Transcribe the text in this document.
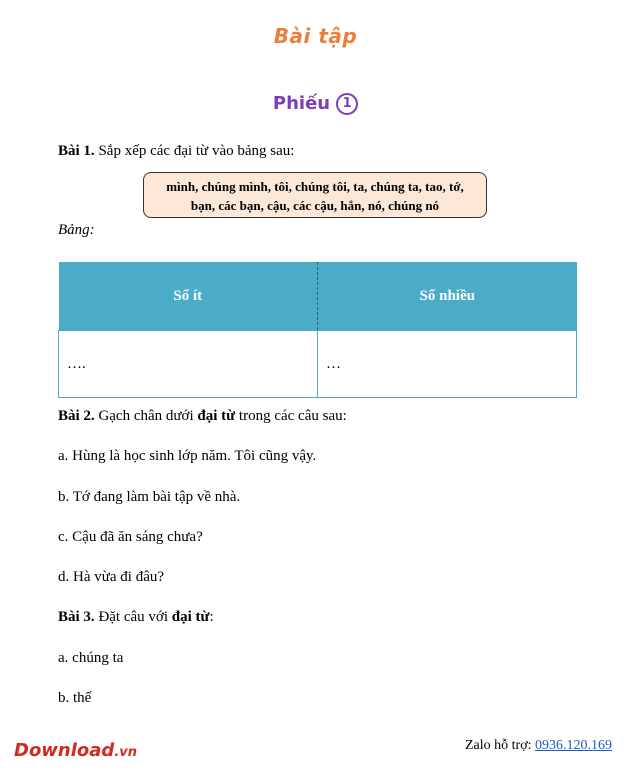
Bài tập
Phiếu 1
Bài 1. Sắp xếp các đại từ vào bảng sau:
mình, chúng mình, tôi, chúng tôi, ta, chúng ta, tao, tớ,
bạn, các bạn, cậu, các cậu, hắn, nó, chúng nó
Bảng:
Số ít	Số nhiều
….	…
Bài 2. Gạch chân dưới đại từ trong các câu sau:
a. Hùng là học sinh lớp năm. Tôi cũng vậy.
b. Tớ đang làm bài tập về nhà.
c. Cậu đã ăn sáng chưa?
d. Hà vừa đi đâu?
Bài 3. Đặt câu với đại từ:
a. chúng ta
b. thế
Download.vn	Zalo hỗ trợ: 0936.120.169
